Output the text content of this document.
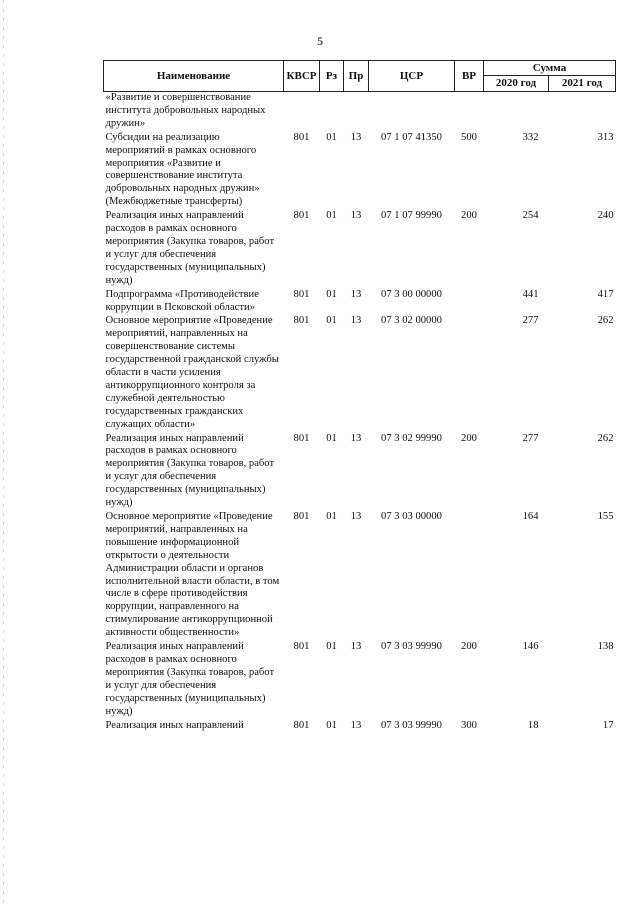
5
Наименование	КВСР	Рз	Пр	ЦСР	ВР	Сумма	
						2020 год	2021 год
«Развитие и совершенствование института добровольных народных дружин»							
Субсидии на реализацию мероприятий в рамках основного мероприятия «Развитие и совершенствование института добровольных народных дружин» (Межбюджетные трансферты)	801	01	13	07 1 07 41350	500	332	313
Реализация иных направлений расходов в рамках основного мероприятия (Закупка товаров, работ и услуг для обеспечения государственных (муниципальных) нужд)	801	01	13	07 1 07 99990	200	254	240
Подпрограмма «Противодействие коррупции в Псковской области»	801	01	13	07 3 00 00000		441	417
Основное мероприятие «Проведение мероприятий, направленных на совершенствование системы государственной гражданской службы области в части усиления антикоррупционного контроля за служебной деятельностью государственных гражданских служащих области»	801	01	13	07 3 02 00000		277	262
Реализация иных направлений расходов в рамках основного мероприятия (Закупка товаров, работ и услуг для обеспечения государственных (муниципальных) нужд)	801	01	13	07 3 02 99990	200	277	262
Основное мероприятие «Проведение мероприятий, направленных на повышение информационной открытости о деятельности Администрации области и органов исполнительной власти области, в том числе в сфере противодействия коррупции, направленного на стимулирование антикоррупционной активности общественности»	801	01	13	07 3 03 00000		164	155
Реализация иных направлений расходов в рамках основного мероприятия (Закупка товаров, работ и услуг для обеспечения государственных (муниципальных) нужд)	801	01	13	07 3 03 99990	200	146	138
Реализация иных направлений	801	01	13	07 3 03 99990	300	18	17
